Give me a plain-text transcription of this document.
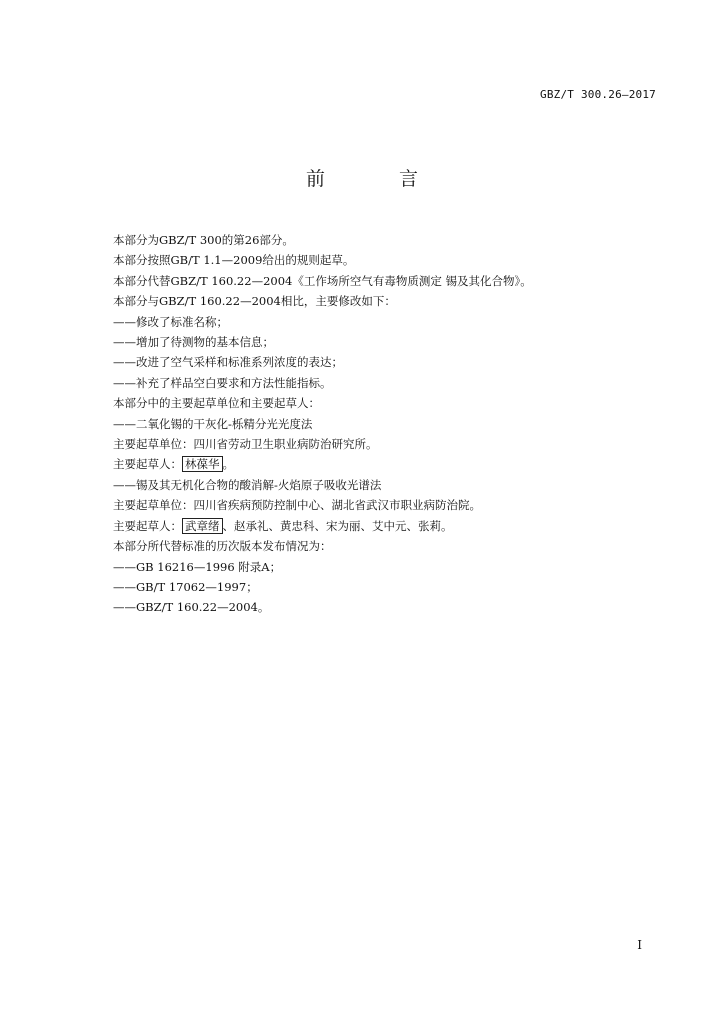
GBZ/T 300.26—2017
前 言
本部分为GBZ/T 300的第26部分。
本部分按照GB/T 1.1—2009给出的规则起草。
本部分代替GBZ/T 160.22—2004《工作场所空气有毒物质测定 锡及其化合物》。
本部分与GBZ/T 160.22—2004相比，主要修改如下：
——修改了标准名称；
——增加了待测物的基本信息；
——改进了空气采样和标准系列浓度的表达；
——补充了样品空白要求和方法性能指标。
本部分中的主要起草单位和主要起草人：
——二氧化锡的干灰化-栎精分光光度法
主要起草单位：四川省劳动卫生职业病防治研究所。
主要起草人： 林葆华 。
——锡及其无机化合物的酸消解-火焰原子吸收光谱法
主要起草单位：四川省疾病预防控制中心、湖北省武汉市职业病防治院。
主要起草人： 武章绪 、赵承礼、黄忠科、宋为丽、艾中元、张莉。
本部分所代替标准的历次版本发布情况为：
——GB 16216—1996 附录A；
——GB/T 17062—1997；
——GBZ/T 160.22—2004。
I
